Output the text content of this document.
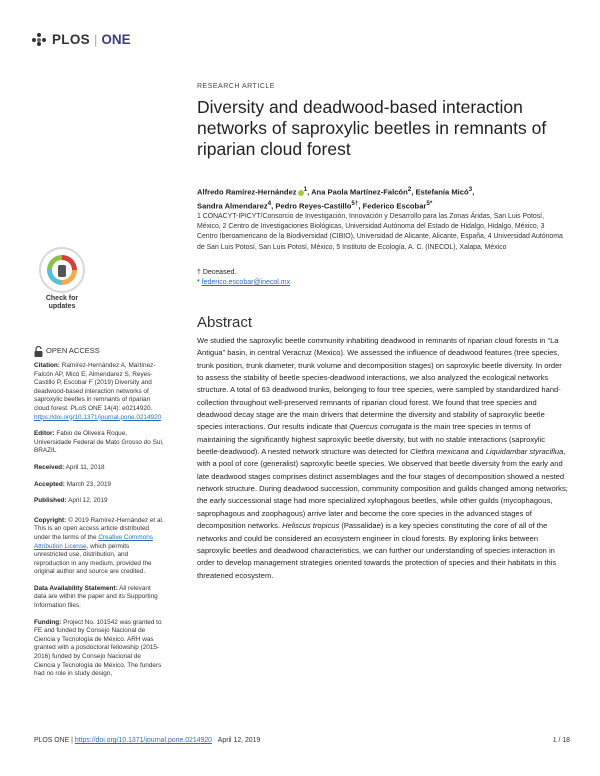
PLOS | ONE
Check for
updates
OPEN ACCESS

Citation: Ramírez-Hernández A, Martínez-Falcón AP, Micó E, Almendarez S, Reyes-Castillo P, Escobar F (2019) Diversity and deadwood-based interaction networks of saproxylic beetles in remnants of riparian cloud forest. PLoS ONE 14(4): e0214920. https://doi.org/10.1371/journal.pone.0214920

Editor: Fabio de Oliveira Roque, Universidade Federal de Mato Grosso do Sul, BRAZIL

Received: April 11, 2018

Accepted: March 23, 2019

Published: April 12, 2019

Copyright: © 2019 Ramírez-Hernández et al. This is an open access article distributed under the terms of the Creative Commons Attribution License, which permits unrestricted use, distribution, and reproduction in any medium, provided the original author and source are credited.

Data Availability Statement: All relevant data are within the paper and its Supporting Information files.

Funding: Project No. 101542 was granted to FE and funded by Consejo Nacional de Ciencia y Tecnología de México. ARH was granted with a posdoctoral fellowship (2015-2016) funded by Consejo Nacional de Ciencia y Tecnología de México. The funders had no role in study design,

RESEARCH ARTICLE
Diversity and deadwood-based interaction networks of saproxylic beetles in remnants of riparian cloud forest
Alfredo Ramírez-Hernández $^1$, Ana Paola Martínez-Falcón$^2$, Estefanía Micó$^3$,
Sandra Almendarez$^4$, Pedro Reyes-Castillo$^{5\dagger}$, Federico Escobar$^{5*}$
1 CONACYT-IPICYT/Consorcio de Investigación, Innovación y Desarrollo para las Zonas Áridas, San Luis Potosí, México, 2 Centro de Investigaciones Biológicas, Universidad Autónoma del Estado de Hidalgo, Hidalgo, México, 3 Centro Iberoamericano de la Biodiversidad (CIBIO), Universidad de Alicante, Alicante, España, 4 Universidad Autónoma de San Luis Potosí, San Luis Potosí, México, 5 Instituto de Ecología, A. C. (INECOL), Xalapa, México
† Deceased.
* federico.escobar@inecol.mx
Abstract
We studied the saproxylic beetle community inhabiting deadwood in remnants of riparian cloud forests in “La Antigua” basin, in central Veracruz (Mexico). We assessed the influence of deadwood features (tree species, trunk position, trunk diameter, trunk volume and decomposition stages) on saproxylic beetle diversity. In order to assess the stability of beetle species-deadwood interactions, we also analyzed the ecological networks structure. A total of 63 deadwood trunks, belonging to four tree species, were sampled by standardized hand-collection throughout well-preserved remnants of riparian cloud forest. We found that tree species and deadwood decay stage are the main drivers that determine the diversity and stability of saproxylic beetle species interactions. Our results indicate that Quercus corrugata is the main tree species in terms of maintaining the significantly highest saproxylic beetle diversity, but with no stable interactions (saproxylic beetle-deadwood). A nested network structure was detected for Clethra mexicana and Liquidambar styraciflua, with a pool of core (generalist) saproxylic beetle species. We observed that beetle diversity from the early and late deadwood stages comprises distinct assemblages and the four stages of decomposition showed a nested network structure. During deadwood succession, community composition and guilds changed among networks; the early successional stage had more specialized xylophagous beetles, while other guilds (mycophagous, saprophagous and zoophagous) arrive later and become the core species in the advanced stages of decomposition networks. Heliscus tropicus (Passalidae) is a key species constituting the core of all of the networks and could be considered an ecosystem engineer in cloud forests. By exploring links between saproxylic beetles and deadwood characteristics, we can further our understanding of species interaction in order to develop management strategies oriented towards the protection of species and their habitats in this threatened ecosystem.
PLOS ONE | https://doi.org/10.1371/journal.pone.0214920 April 12, 2019	1 / 18
